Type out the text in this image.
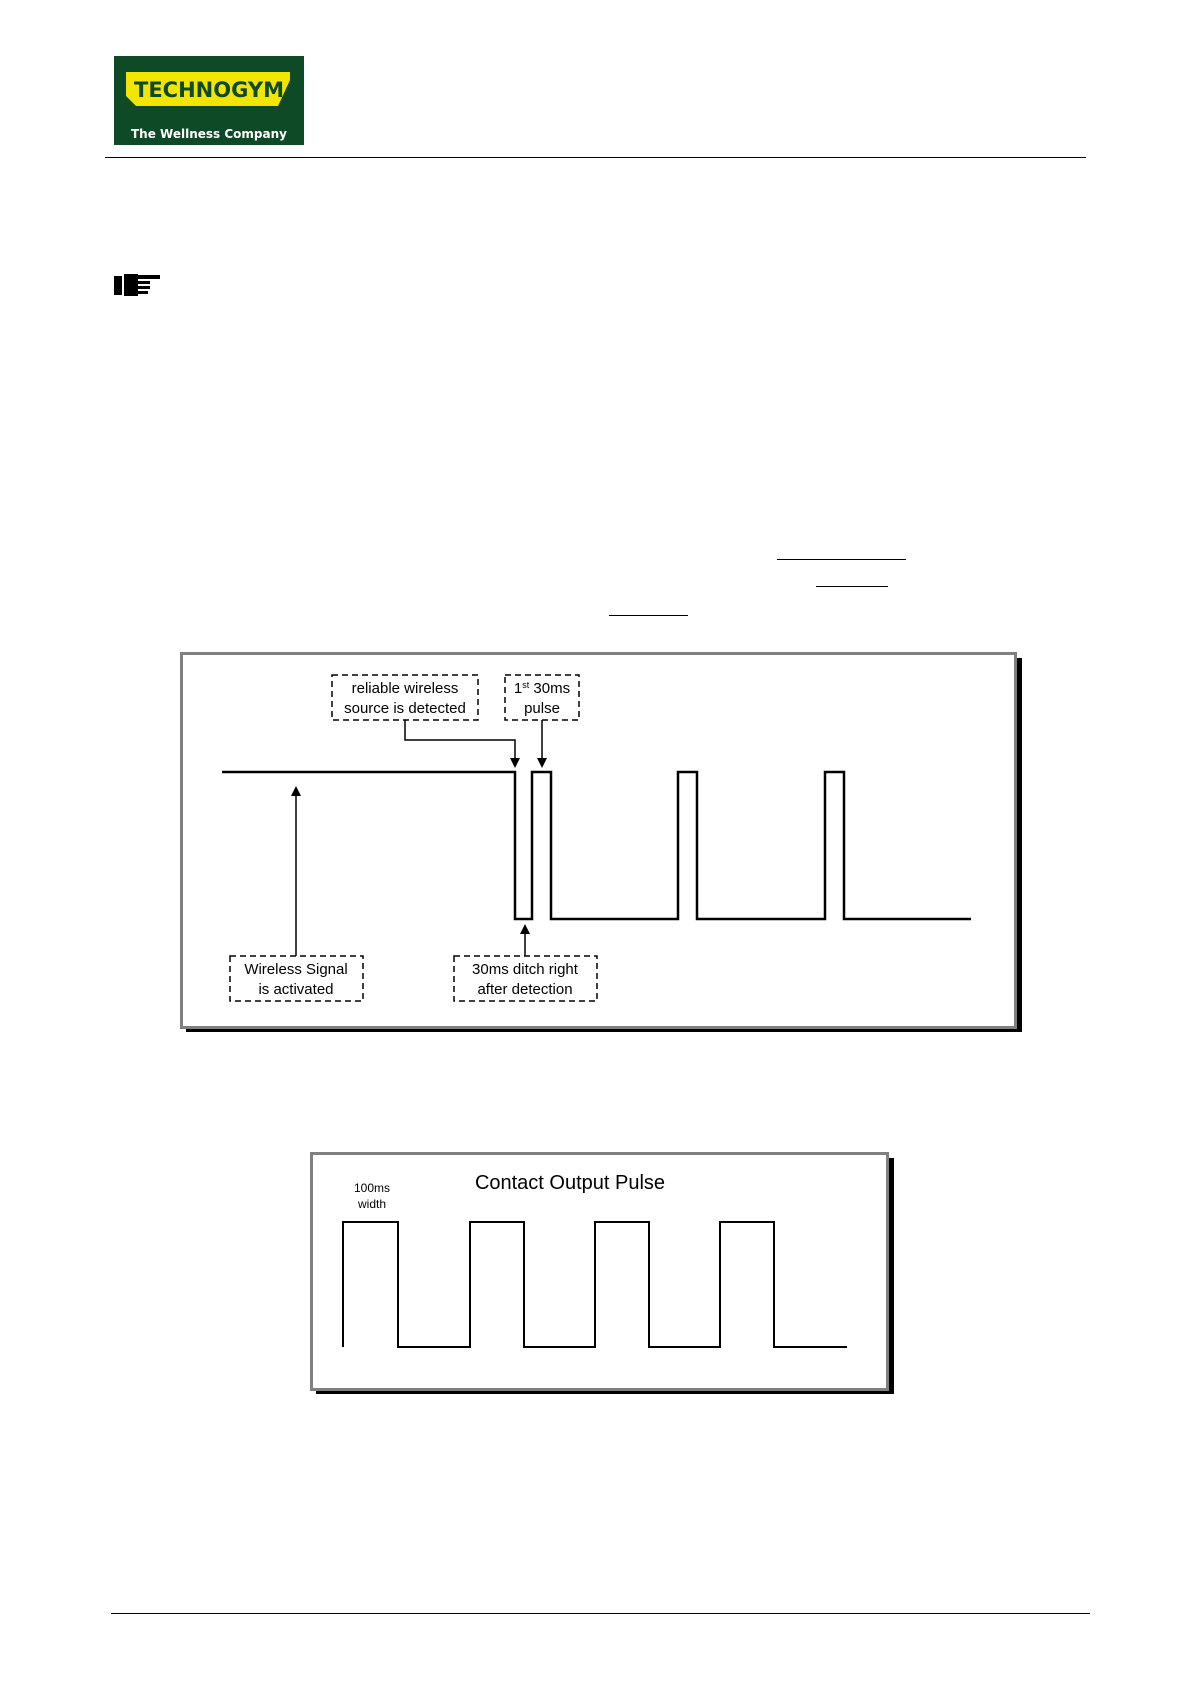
TECHNOGYM
The Wellness Company
reliable wireless
source is detected
1st 30ms
pulse
Wireless Signal
is activated
30ms ditch right
after detection
Contact Output Pulse
100ms
width
